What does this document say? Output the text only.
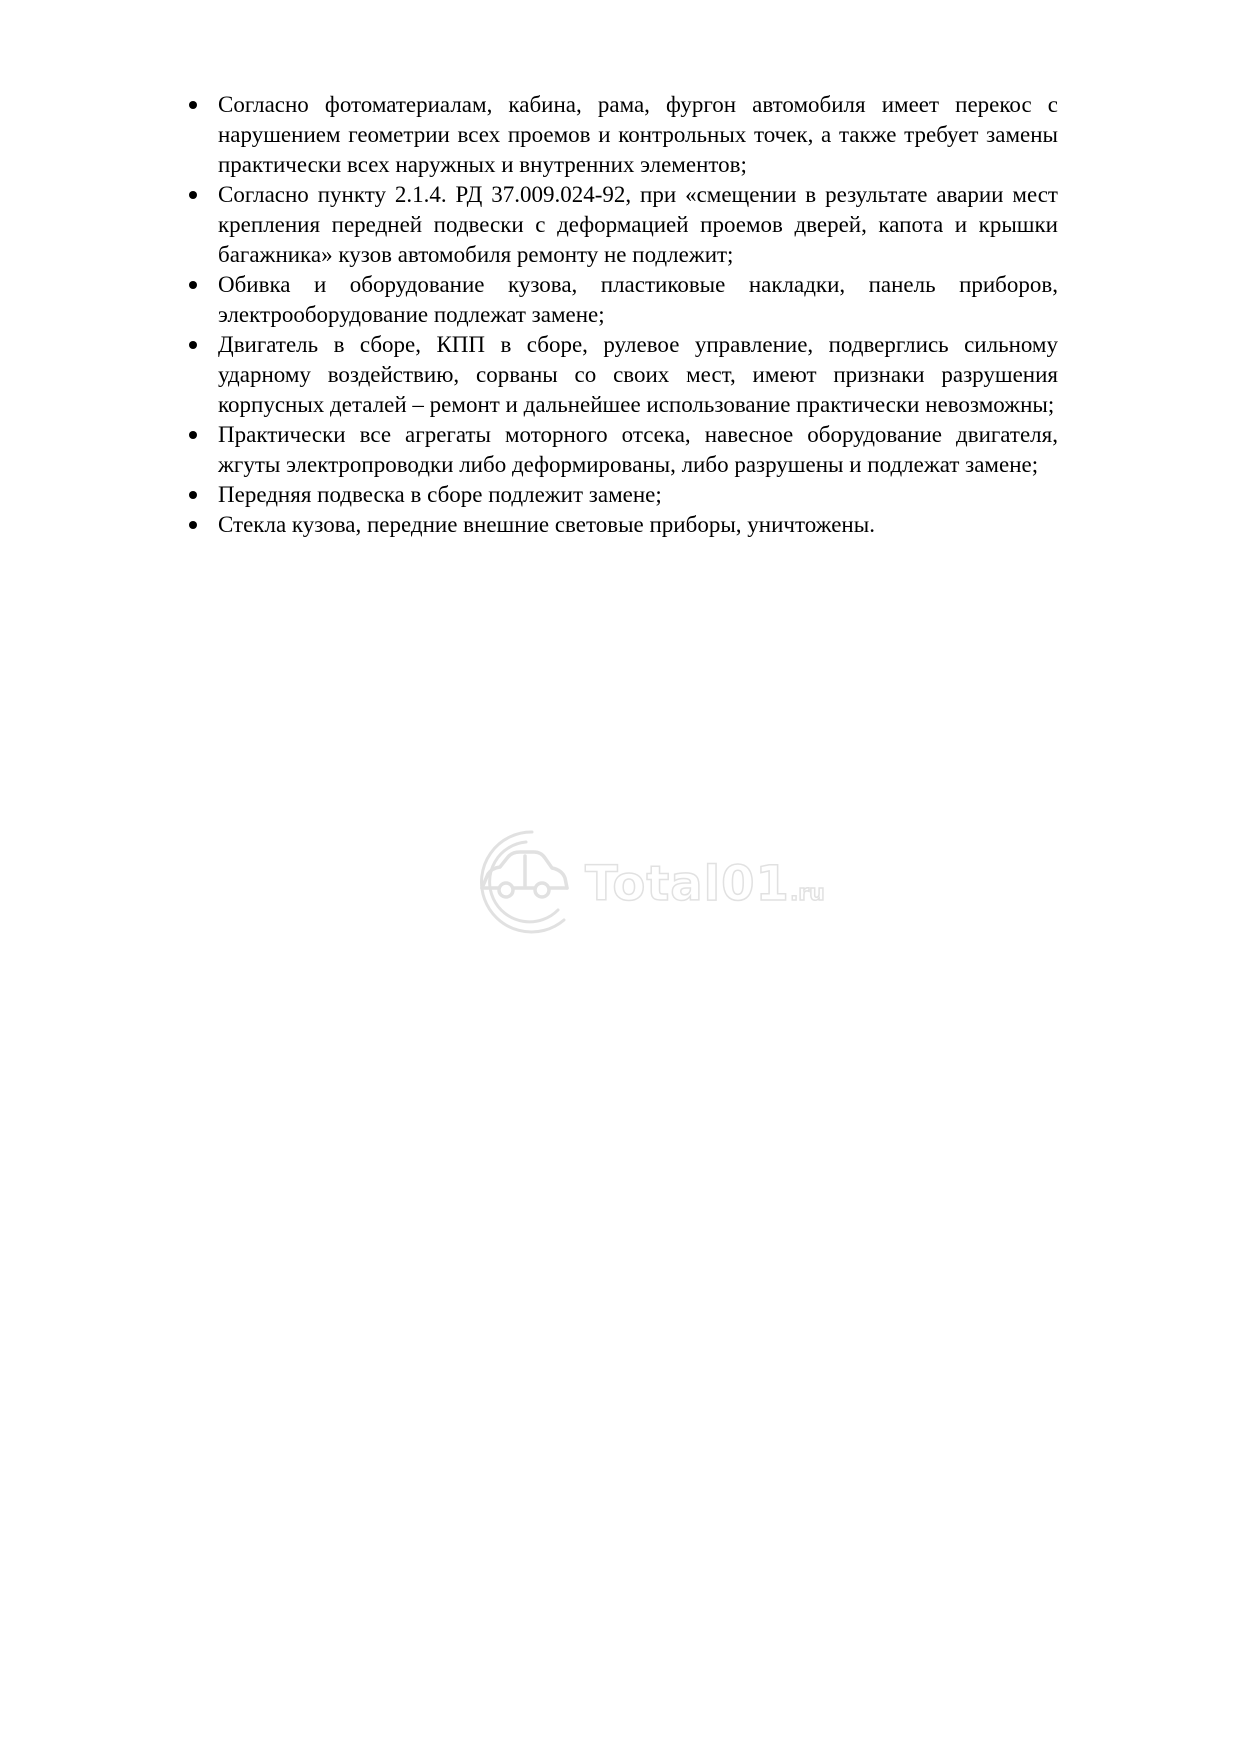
Согласно фотоматериалам, кабина, рама, фургон автомобиля имеет перекос с нарушением геометрии всех проемов и контрольных точек, а также требует замены практически всех наружных и внутренних элементов;
Согласно пункту 2.1.4. РД 37.009.024-92, при «смещении в результате аварии мест крепления передней подвески с деформацией проемов дверей, капота и крышки багажника» кузов автомобиля ремонту не подлежит;
Обивка и оборудование кузова, пластиковые накладки, панель приборов, электрооборудование подлежат замене;
Двигатель в сборе, КПП в сборе, рулевое управление, подверглись сильному ударному воздействию, сорваны со своих мест, имеют признаки разрушения корпусных деталей – ремонт и дальнейшее использование практически невозможны;
Практически все агрегаты моторного отсека, навесное оборудование двигателя, жгуты электропроводки либо деформированы, либо разрушены и подлежат замене;
Передняя подвеска в сборе подлежит замене;
Стекла кузова, передние внешние световые приборы, уничтожены.
Total01.ru
